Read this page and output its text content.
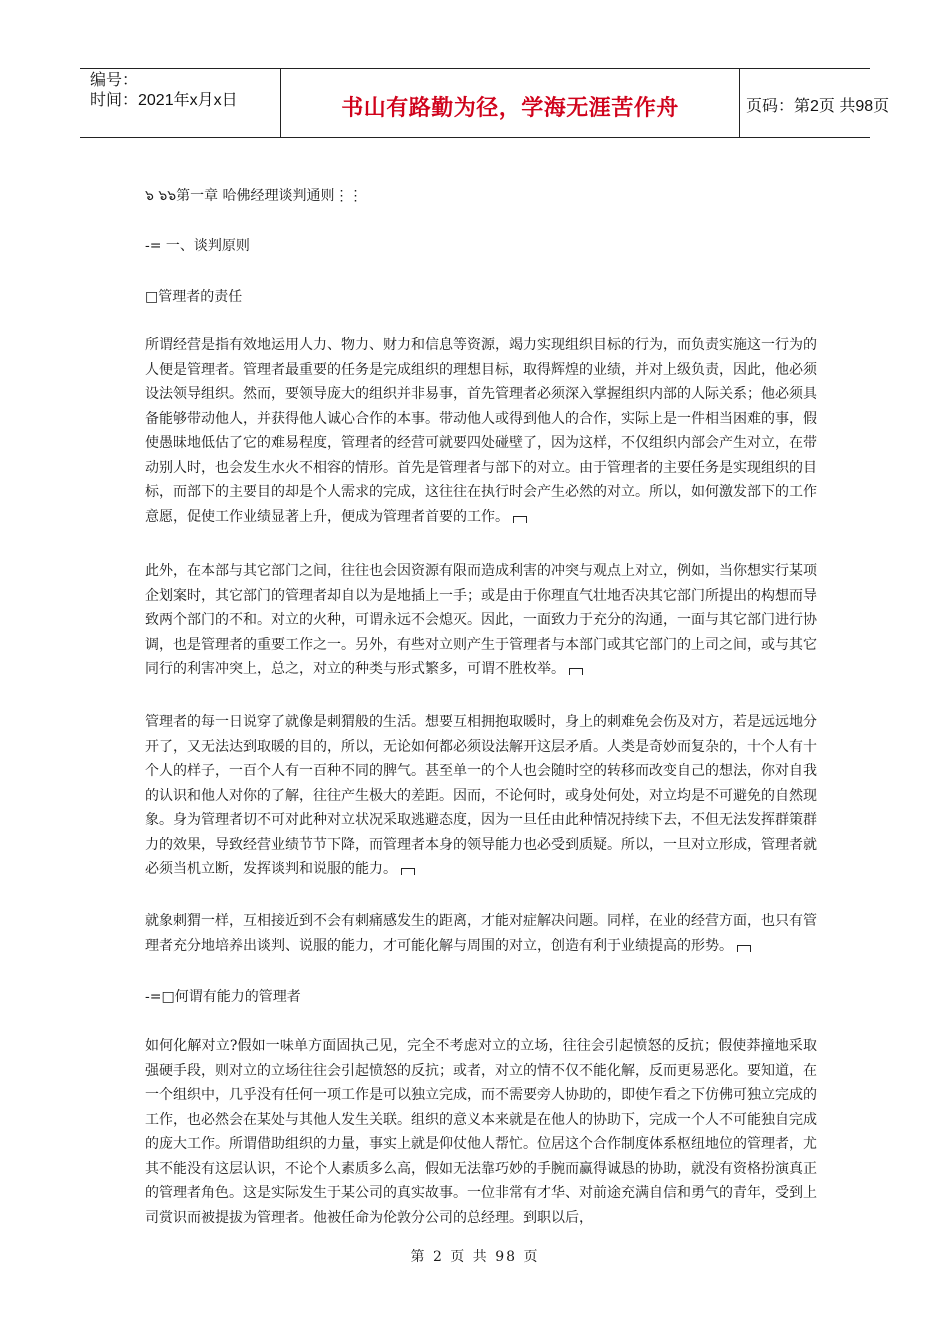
编号：
时间：2021年x月x日	书山有路勤为径，学海无涯苦作舟	页码：第2页 共98页
๖ ๖๖第一章 哈佛经理谈判通则⋮⋮
-= 一、谈判原则
□管理者的责任

所谓经营是指有效地运用人力、物力、财力和信息等资源，竭力实现组织目标的行为，而负责实施这一行为的人便是管理者。管理者最重要的任务是完成组织的理想目标，取得辉煌的业绩，并对上级负责，因此，他必须设法领导组织。然而，要领导庞大的组织并非易事，首先管理者必须深入掌握组织内部的人际关系；他必须具备能够带动他人，并获得他人诚心合作的本事。带动他人或得到他人的合作，实际上是一件相当困难的事，假使愚昧地低估了它的难易程度，管理者的经营可就要四处碰壁了，因为这样，不仅组织内部会产生对立，在带动别人时，也会发生水火不相容的情形。首先是管理者与部下的对立。由于管理者的主要任务是实现组织的目标，而部下的主要目的却是个人需求的完成，这往往在执行时会产生必然的对立。所以，如何激发部下的工作意愿，促使工作业绩显著上升，便成为管理者首要的工作。

此外，在本部与其它部门之间，往往也会因资源有限而造成利害的冲突与观点上对立，例如，当你想实行某项企划案时，其它部门的管理者却自以为是地插上一手；或是由于你理直气壮地否决其它部门所提出的构想而导致两个部门的不和。对立的火种，可谓永远不会熄灭。因此，一面致力于充分的沟通，一面与其它部门进行协调，也是管理者的重要工作之一。另外，有些对立则产生于管理者与本部门或其它部门的上司之间，或与其它同行的利害冲突上，总之，对立的种类与形式繁多，可谓不胜枚举。

管理者的每一日说穿了就像是刺猬般的生活。想要互相拥抱取暖时，身上的刺难免会伤及对方，若是远远地分开了，又无法达到取暖的目的，所以，无论如何都必须设法解开这层矛盾。人类是奇妙而复杂的，十个人有十个人的样子，一百个人有一百种不同的脾气。甚至单一的个人也会随时空的转移而改变自己的想法，你对自我的认识和他人对你的了解，往往产生极大的差距。因而，不论何时，或身处何处，对立均是不可避免的自然现象。身为管理者切不可对此种对立状况采取逃避态度，因为一旦任由此种情况持续下去，不但无法发挥群策群力的效果，导致经营业绩节节下降，而管理者本身的领导能力也必受到质疑。所以，一旦对立形成，管理者就必须当机立断，发挥谈判和说服的能力。

就象刺猬一样，互相接近到不会有刺痛感发生的距离，才能对症解决问题。同样，在业的经营方面，也只有管理者充分地培养出谈判、说服的能力，才可能化解与周围的对立，创造有利于业绩提高的形势。

-=□何谓有能力的管理者

如何化解对立?假如一味单方面固执己见，完全不考虑对立的立场，往往会引起愤怒的反抗；假使莽撞地采取强硬手段，则对立的立场往往会引起愤怒的反抗；或者，对立的情不仅不能化解，反而更易恶化。要知道，在一个组织中，几乎没有任何一项工作是可以独立完成，而不需要旁人协助的，即使乍看之下仿佛可独立完成的工作，也必然会在某处与其他人发生关联。组织的意义本来就是在他人的协助下，完成一个人不可能独自完成的庞大工作。所谓借助组织的力量，事实上就是仰仗他人帮忙。位居这个合作制度体系枢纽地位的管理者，尤其不能没有这层认识，不论个人素质多么高，假如无法靠巧妙的手腕而赢得诚恳的协助，就没有资格扮演真正的管理者角色。这是实际发生于某公司的真实故事。一位非常有才华、对前途充满自信和勇气的青年，受到上司赏识而被提拔为管理者。他被任命为伦敦分公司的总经理。到职以后，

第 2 页 共 98 页
